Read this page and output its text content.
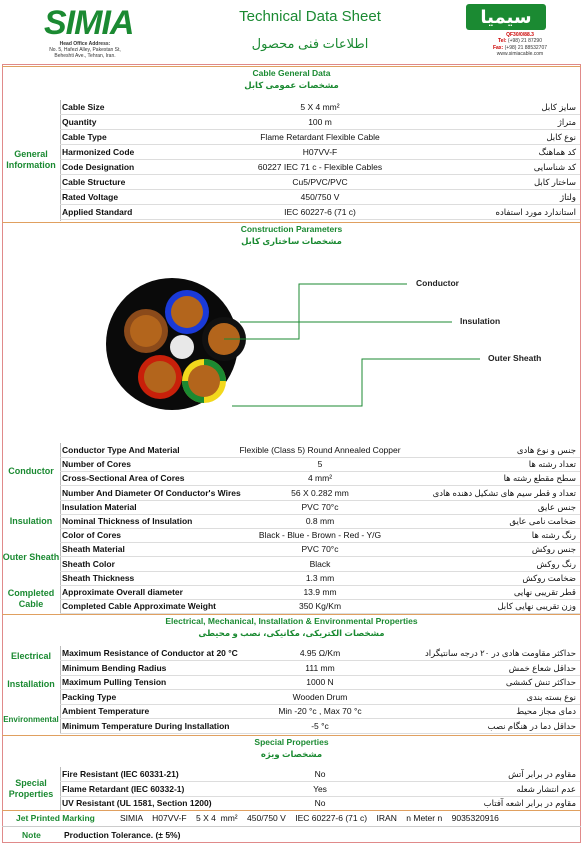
SIMIA
Head Office Address:
No. 5, Hafezi Alley, Pakestan St,
Beheshti Ave., Tehran, Iran.
Technical Data Sheet
اطلاعات فنی محصول
سیمیا
QF30/0/88.3
Tel: (+98) 21 87290
Fax: (+98) 21 88532707
www.simiacable.com
Cable General Data
مشخصات عمومی کابل
General Information
Cable Size	5 X 4 mm²	سایز کابل
Quantity	100 m	متراژ
Cable Type	Flame Retardant Flexible Cable	نوع کابل
Harmonized Code	H07VV-F	کد هماهنگ
Code Designation	60227 IEC 71 c - Flexible Cables	کد شناسایی
Cable Structure	Cu5/PVC/PVC	ساختار کابل
Rated Voltage	450/750 V	ولتاژ
Applied Standard	IEC 60227-6 (71 c)	استاندارد مورد استفاده
Construction Parameters
مشخصات ساختاری کابل
Conductor
Insulation
Outer Sheath
Conductor
Insulation
Outer Sheath
Completed Cable
Conductor Type And Material	Flexible (Class 5) Round Annealed Copper	جنس و نوع هادی
Number of Cores	5	تعداد رشته ها
Cross-Sectional Area of Cores	4 mm²	سطح مقطع رشته ها
Number And Diameter Of Conductor's Wires	56 X 0.282 mm	تعداد و قطر سیم های تشکیل دهنده هادی
Insulation Material	PVC 70°c	جنس عایق
Nominal Thickness of Insulation	0.8 mm	ضخامت نامی عایق
Color of Cores	Black - Blue - Brown - Red - Y/G	رنگ رشته ها
Sheath Material	PVC 70°c	جنس روکش
Sheath Color	Black	رنگ روکش
Sheath Thickness	1.3 mm	ضخامت روکش
Approximate Overall diameter	13.9 mm	قطر تقریبی نهایی
Completed Cable Approximate Weight	350 Kg/Km	وزن تقریبی نهایی کابل
Electrical, Mechanical, Installation & Environmental Properties
مشخصات الکتریکی، مکانیکی، نصب و محیطی
Electrical
Installation
Environmental
Maximum Resistance of Conductor at 20 °C	4.95 Ω/Km	حداکثر مقاومت هادی در ۲۰ درجه سانتیگراد
Minimum Bending Radius	111 mm	حداقل شعاع خمش
Maximum Pulling Tension	1000 N	حداکثر تنش کششی
Packing Type	Wooden Drum	نوع بسته بندی
Ambient Temperature	Min -20 °c , Max 70 °c	دمای مجاز محیط
Minimum Temperature During Installation	-5 °c	حداقل دما در هنگام نصب
Special Properties
مشخصات ویژه
Special Properties
Fire Resistant (IEC 60331-21)	No	مقاوم در برابر آتش
Flame Retardant (IEC 60332-1)	Yes	عدم انتشار شعله
UV Resistant (UL 1581, Section 1200)	No	مقاوم در برابر اشعه آفتاب
Jet Printed Marking	SIMIA    H07VV-F    5 X 4  mm²    450/750 V    IEC 60227-6 (71 c)    IRAN    n Meter n    9035320916
Note	Production Tolerance. (± 5%)
